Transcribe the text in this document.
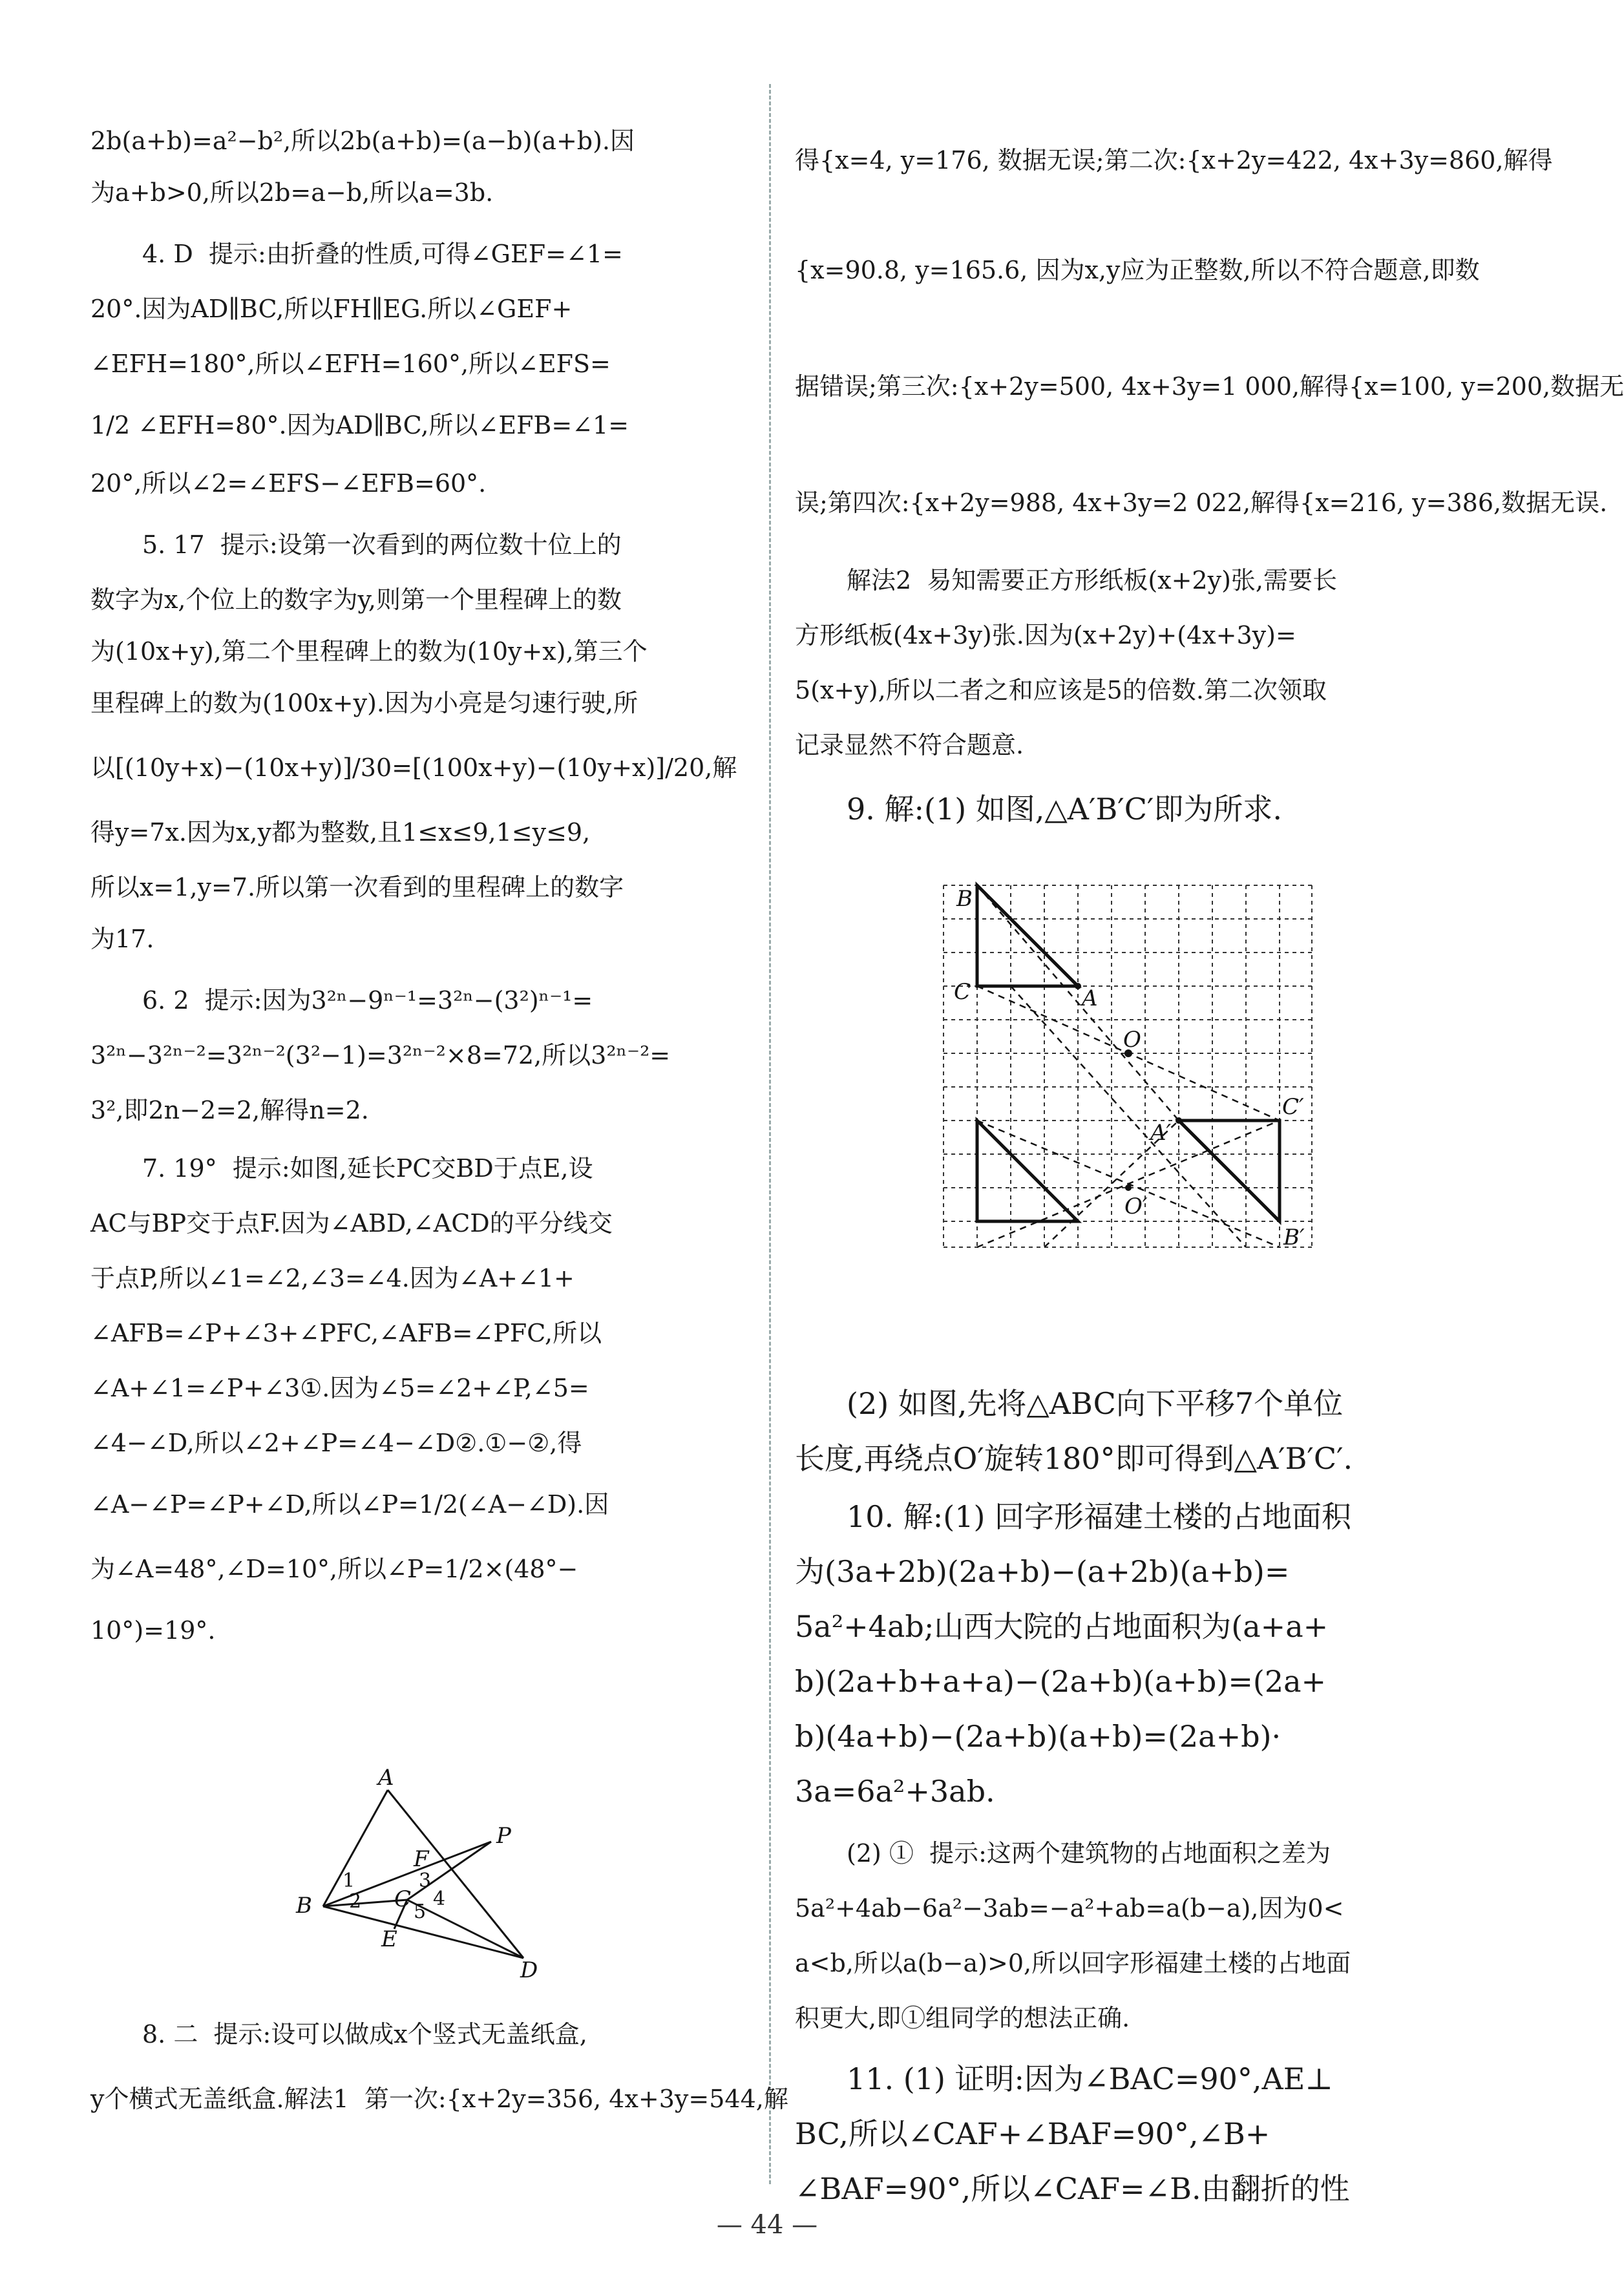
2b(a+b)=a²−b²,所以2b(a+b)=(a−b)(a+b).因
为a+b>0,所以2b=a−b,所以a=3b.
4. D  提示:由折叠的性质,可得∠GEF=∠1=
20°.因为AD∥BC,所以FH∥EG.所以∠GEF+
∠EFH=180°,所以∠EFH=160°,所以∠EFS=
1/2 ∠EFH=80°.因为AD∥BC,所以∠EFB=∠1=
20°,所以∠2=∠EFS−∠EFB=60°.
5. 17  提示:设第一次看到的两位数十位上的
数字为x,个位上的数字为y,则第一个里程碑上的数
为(10x+y),第二个里程碑上的数为(10y+x),第三个
里程碑上的数为(100x+y).因为小亮是匀速行驶,所
以[(10y+x)−(10x+y)]/30=[(100x+y)−(10y+x)]/20,解
得y=7x.因为x,y都为整数,且1≤x≤9,1≤y≤9,
所以x=1,y=7.所以第一次看到的里程碑上的数字
为17.
6. 2  提示:因为3²ⁿ−9ⁿ⁻¹=3²ⁿ−(3²)ⁿ⁻¹=
3²ⁿ−3²ⁿ⁻²=3²ⁿ⁻²(3²−1)=3²ⁿ⁻²×8=72,所以3²ⁿ⁻²=
3²,即2n−2=2,解得n=2.
7. 19°  提示:如图,延长PC交BD于点E,设
AC与BP交于点F.因为∠ABD,∠ACD的平分线交
于点P,所以∠1=∠2,∠3=∠4.因为∠A+∠1+
∠AFB=∠P+∠3+∠PFC,∠AFB=∠PFC,所以
∠A+∠1=∠P+∠3①.因为∠5=∠2+∠P,∠5=
∠4−∠D,所以∠2+∠P=∠4−∠D②.①−②,得
∠A−∠P=∠P+∠D,所以∠P=1/2(∠A−∠D).因
为∠A=48°,∠D=10°,所以∠P=1/2×(48°−
10°)=19°.
8. 二  提示:设可以做成x个竖式无盖纸盒,
y个横式无盖纸盒.解法1  第一次:{x+2y=356, 4x+3y=544,解
得{x=4, y=176, 数据无误;第二次:{x+2y=422, 4x+3y=860,解得
{x=90.8, y=165.6, 因为x,y应为正整数,所以不符合题意,即数
据错误;第三次:{x+2y=500, 4x+3y=1 000,解得{x=100, y=200,数据无
误;第四次:{x+2y=988, 4x+3y=2 022,解得{x=216, y=386,数据无误.
解法2  易知需要正方形纸板(x+2y)张,需要长
方形纸板(4x+3y)张.因为(x+2y)+(4x+3y)=
5(x+y),所以二者之和应该是5的倍数.第二次领取
记录显然不符合题意.
9. 解:(1) 如图,△A′B′C′即为所求.
(2) 如图,先将△ABC向下平移7个单位
长度,再绕点O′旋转180°即可得到△A′B′C′.
10. 解:(1) 回字形福建土楼的占地面积
为(3a+2b)(2a+b)−(a+2b)(a+b)=
5a²+4ab;山西大院的占地面积为(a+a+
b)(2a+b+a+a)−(2a+b)(a+b)=(2a+
b)(4a+b)−(2a+b)(a+b)=(2a+b)·
3a=6a²+3ab.
(2) ①  提示:这两个建筑物的占地面积之差为
5a²+4ab−6a²−3ab=−a²+ab=a(b−a),因为0<
a<b,所以a(b−a)>0,所以回字形福建土楼的占地面
积更大,即①组同学的想法正确.
11. (1) 证明:因为∠BAC=90°,AE⊥
BC,所以∠CAF+∠BAF=90°,∠B+
∠BAF=90°,所以∠CAF=∠B.由翻折的性
A
P
F
B	C
E
D
1
2
3
4
5
B
C	A
O
A′
C′
O′
B′
— 44 —
